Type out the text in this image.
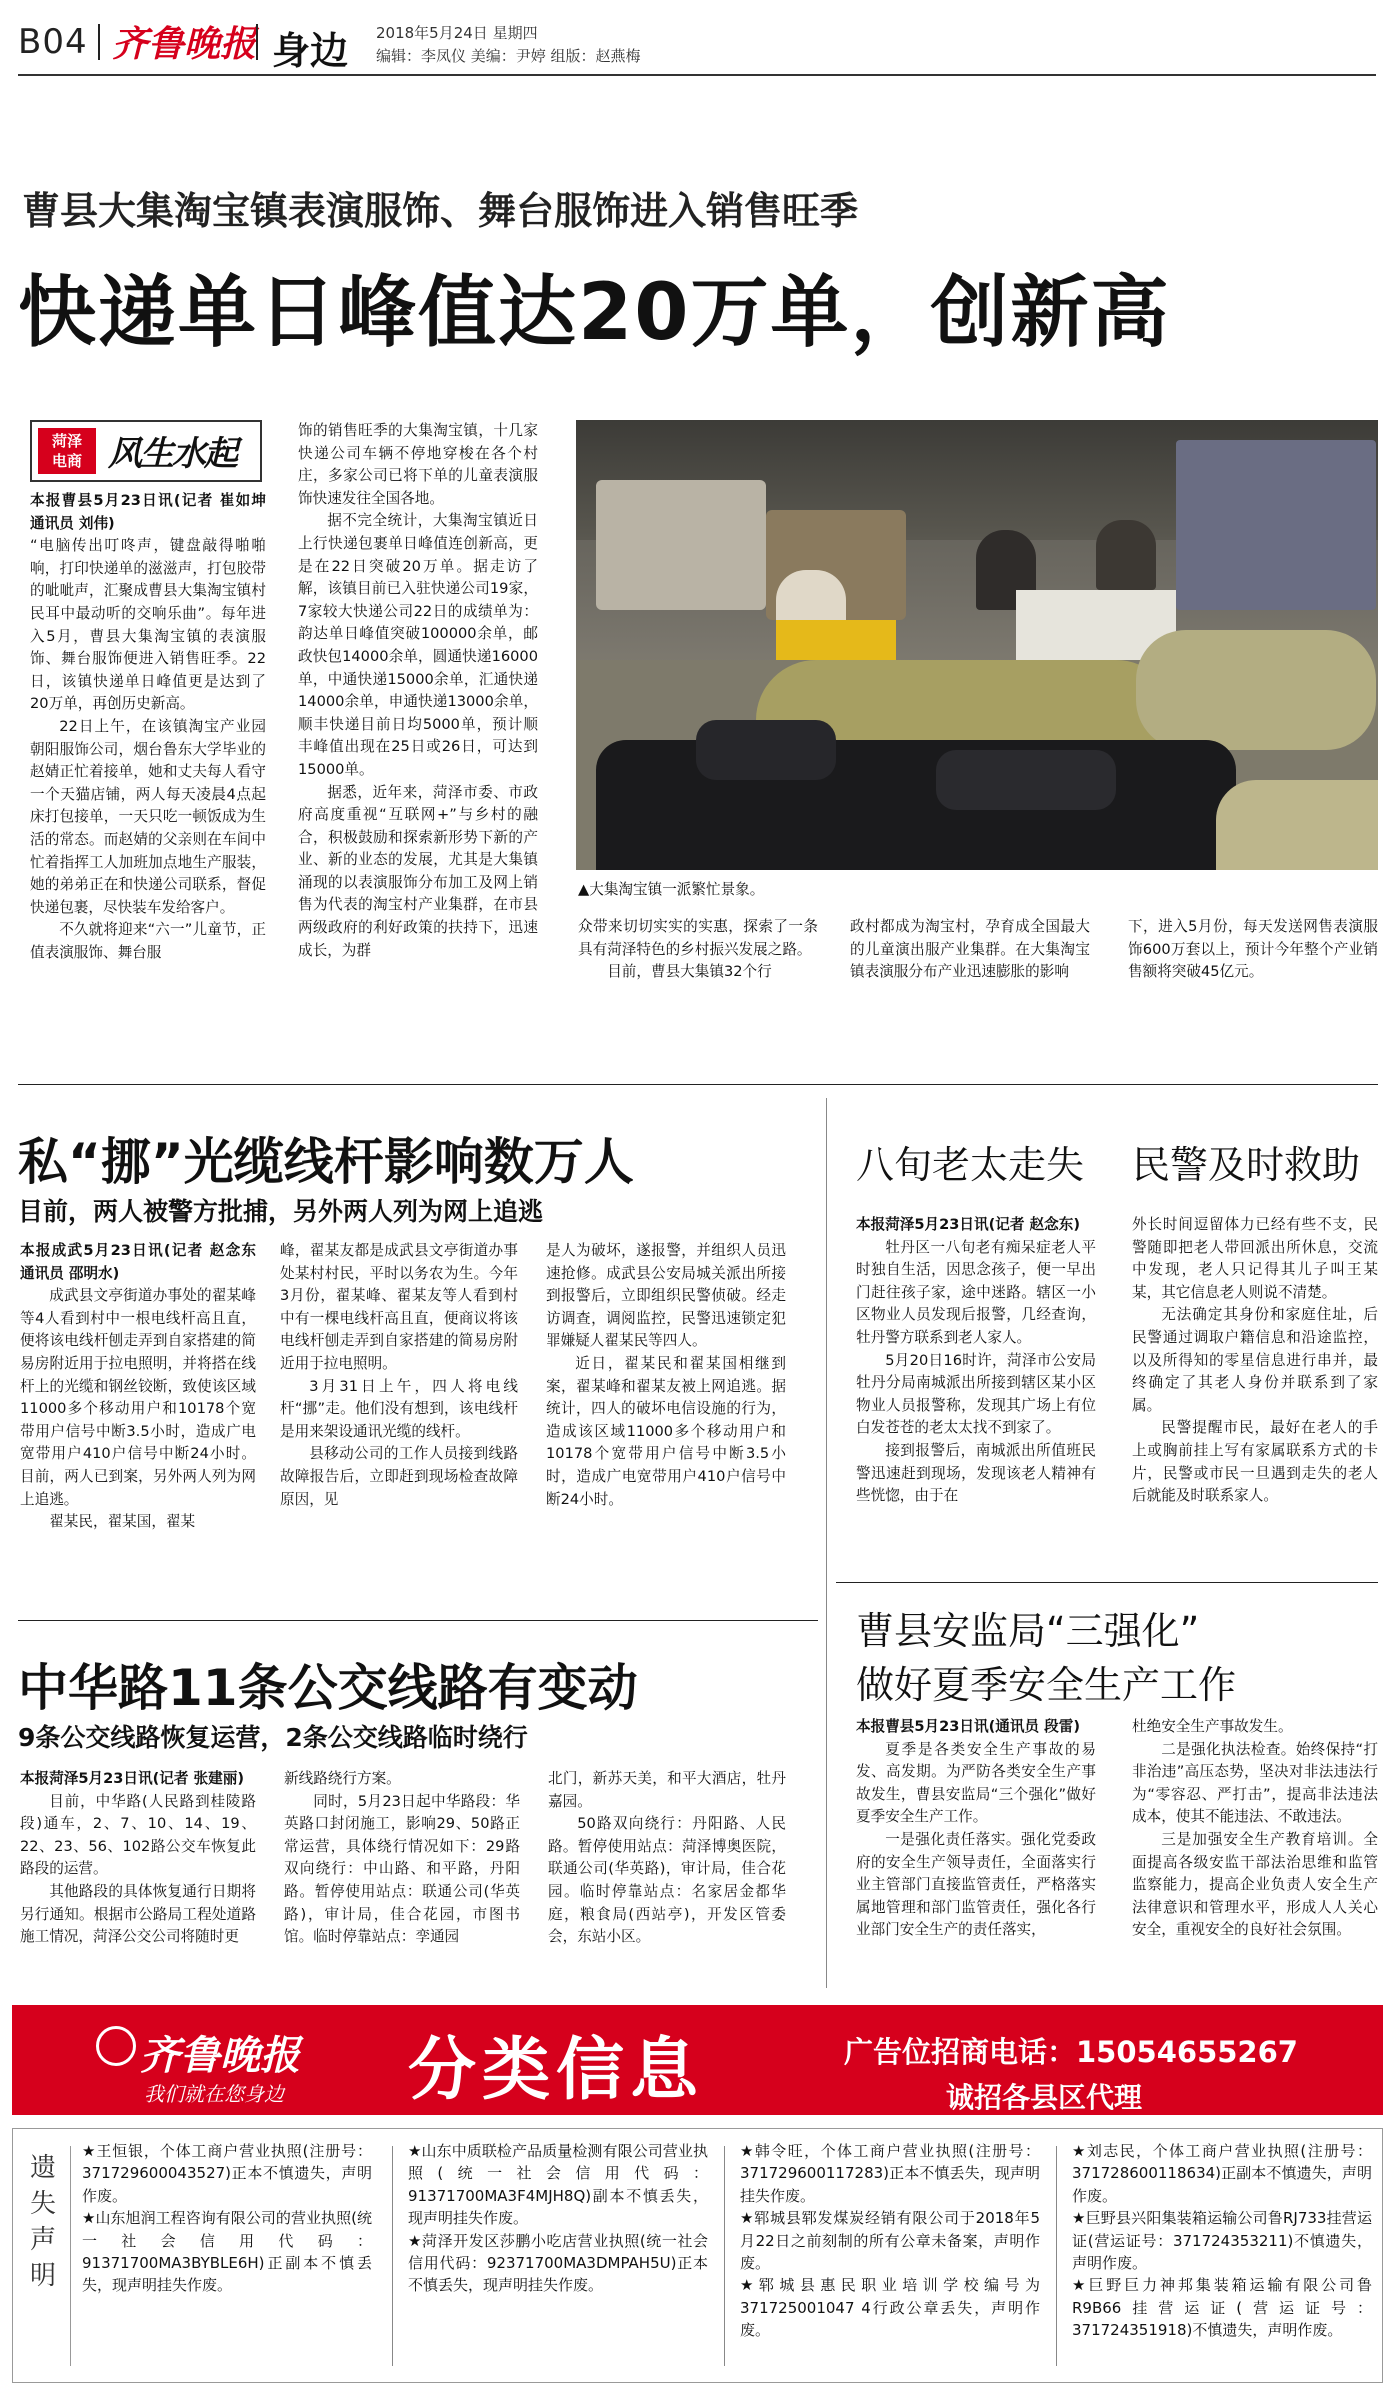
B04 齐鲁晚报 身边 2018年5月24日 星期四
编辑：李凤仪 美编：尹婷 组版：赵燕梅
曹县大集淘宝镇表演服饰、舞台服饰进入销售旺季
快递单日峰值达20万单，创新高
菏泽
电商 风生水起

本报曹县5月23日讯(记者 崔如坤 通讯员 刘伟)

“电脑传出叮咚声，键盘敲得啪啪响，打印快递单的滋滋声，打包胶带的呲呲声，汇聚成曹县大集淘宝镇村民耳中最动听的交响乐曲”。每年进入5月，曹县大集淘宝镇的表演服饰、舞台服饰便进入销售旺季。22日，该镇快递单日峰值更是达到了20万单，再创历史新高。

22日上午，在该镇淘宝产业园朝阳服饰公司，烟台鲁东大学毕业的赵婧正忙着接单，她和丈夫每人看守一个天猫店铺，两人每天凌晨4点起床打包接单，一天只吃一顿饭成为生活的常态。而赵婧的父亲则在车间中忙着指挥工人加班加点地生产服装，她的弟弟正在和快递公司联系，督促快递包裹，尽快装车发给客户。

不久就将迎来“六一”儿童节，正值表演服饰、舞台服

饰的销售旺季的大集淘宝镇，十几家快递公司车辆不停地穿梭在各个村庄，多家公司已将下单的儿童表演服饰快速发往全国各地。

据不完全统计，大集淘宝镇近日上行快递包裹单日峰值连创新高，更是在22日突破20万单。据走访了解，该镇目前已入驻快递公司19家，7家较大快递公司22日的成绩单为：韵达单日峰值突破100000余单，邮政快包14000余单，圆通快递16000单，中通快递15000余单，汇通快递14000余单，申通快递13000余单，顺丰快递目前日均5000单，预计顺丰峰值出现在25日或26日，可达到15000单。

据悉，近年来，菏泽市委、市政府高度重视“互联网+”与乡村的融合，积极鼓励和探索新形势下新的产业、新的业态的发展，尤其是大集镇涌现的以表演服饰分布加工及网上销售为代表的淘宝村产业集群，在市县两级政府的利好政策的扶持下，迅速成长，为群

▲大集淘宝镇一派繁忙景象。

众带来切切实实的实惠，探索了一条具有菏泽特色的乡村振兴发展之路。

目前，曹县大集镇32个行

政村都成为淘宝村，孕育成全国最大的儿童演出服产业集群。在大集淘宝镇表演服分布产业迅速膨胀的影响

下，进入5月份，每天发送网售表演服饰600万套以上，预计今年整个产业销售额将突破45亿元。

私“挪”光缆线杆影响数万人
目前，两人被警方批捕，另外两人列为网上追逃

本报成武5月23日讯(记者 赵念东 通讯员 邵明水)

成武县文亭街道办事处的翟某峰等4人看到村中一根电线杆高且直，便将该电线杆刨走弄到自家搭建的简易房附近用于拉电照明，并将搭在线杆上的光缆和钢丝铰断，致使该区域11000多个移动用户和10178个宽带用户信号中断3.5小时，造成广电宽带用户410户信号中断24小时。目前，两人已到案，另外两人列为网上追逃。

翟某民，翟某国，翟某

峰，翟某友都是成武县文亭街道办事处某村村民，平时以务农为生。今年3月份，翟某峰、翟某友等人看到村中有一棵电线杆高且直，便商议将该电线杆刨走弄到自家搭建的简易房附近用于拉电照明。

3月31日上午，四人将电线杆“挪”走。他们没有想到，该电线杆是用来架设通讯光缆的线杆。

县移动公司的工作人员接到线路故障报告后，立即赶到现场检查故障原因，见

是人为破坏，遂报警，并组织人员迅速抢修。成武县公安局城关派出所接到报警后，立即组织民警侦破。经走访调查，调阅监控，民警迅速锁定犯罪嫌疑人翟某民等四人。

近日，翟某民和翟某国相继到案，翟某峰和翟某友被上网追逃。据统计，四人的破坏电信设施的行为，造成该区域11000多个移动用户和10178个宽带用户信号中断3.5小时，造成广电宽带用户410户信号中断24小时。

八旬老太走失 民警及时救助

本报菏泽5月23日讯(记者 赵念东)

牡丹区一八旬老有痴呆症老人平时独自生活，因思念孩子，便一早出门赶往孩子家，途中迷路。辖区一小区物业人员发现后报警，几经查询，牡丹警方联系到老人家人。

5月20日16时许，菏泽市公安局牡丹分局南城派出所接到辖区某小区物业人员报警称，发现其广场上有位白发苍苍的老太太找不到家了。

接到报警后，南城派出所值班民警迅速赶到现场，发现该老人精神有些恍惚，由于在

外长时间逗留体力已经有些不支，民警随即把老人带回派出所休息，交流中发现，老人只记得其儿子叫王某某，其它信息老人则说不清楚。

无法确定其身份和家庭住址，后民警通过调取户籍信息和沿途监控，以及所得知的零星信息进行串并，最终确定了其老人身份并联系到了家属。

民警提醒市民，最好在老人的手上或胸前挂上写有家属联系方式的卡片，民警或市民一旦遇到走失的老人后就能及时联系家人。

中华路11条公交线路有变动
9条公交线路恢复运营，2条公交线路临时绕行

本报菏泽5月23日讯(记者 张建丽)

目前，中华路(人民路到桂陵路段)通车，2、7、10、14、19、22、23、56、102路公交车恢复此路段的运营。

其他路段的具体恢复通行日期将另行通知。根据市公路局工程处道路施工情况，菏泽公交公司将随时更

新线路绕行方案。

同时，5月23日起中华路段：华英路口封闭施工，影响29、50路正常运营，具体绕行情况如下：29路双向绕行：中山路、和平路，丹阳路。暂停使用站点：联通公司(华英路)，审计局，佳合花园，市图书馆。临时停靠站点：孪通园

北门，新苏天美，和平大酒店，牡丹嘉园。

50路双向绕行：丹阳路、人民路。暂停使用站点：菏泽博奥医院，联通公司(华英路)，审计局，佳合花园。临时停靠站点：名家居金都华庭，粮食局(西站亭)，开发区管委会，东站小区。

曹县安监局“三强化”
做好夏季安全生产工作

本报曹县5月23日讯(通讯员 段雷)

夏季是各类安全生产事故的易发、高发期。为严防各类安全生产事故发生，曹县安监局“三个强化”做好夏季安全生产工作。

一是强化责任落实。强化党委政府的安全生产领导责任，全面落实行业主管部门直接监管责任，严格落实属地管理和部门监管责任，强化各行业部门安全生产的责任落实，

杜绝安全生产事故发生。

二是强化执法检查。始终保持“打非治违”高压态势，坚决对非法违法行为“零容忍、严打击”，提高非法违法成本，使其不能违法、不敢违法。

三是加强安全生产教育培训。全面提高各级安监干部法治思维和监管监察能力，提高企业负责人安全生产法律意识和管理水平，形成人人关心安全，重视安全的良好社会氛围。

齐鲁晚报
我们就在您身边 分类信息	广告位招商电话：15054655267
诚招各县区代理
遗失声明

★王恒银，个体工商户营业执照(注册号：371729600043527)正本不慎遗失，声明作废。

★山东旭润工程咨询有限公司的营业执照(统一社会信用代码：91371700MA3BYBLE6H)正副本不慎丢失，现声明挂失作废。

★山东中质联检产品质量检测有限公司营业执照(统一社会信用代码：91371700MA3F4MJH8Q)副本不慎丢失，现声明挂失作废。

★菏泽开发区莎鹏小吃店营业执照(统一社会信用代码：92371700MA3DMPAH5U)正本不慎丢失，现声明挂失作废。

★韩令旺，个体工商户营业执照(注册号：371729600117283)正本不慎丢失，现声明挂失作废。

★郓城县郓发煤炭经销有限公司于2018年5月22日之前刻制的所有公章未备案，声明作废。

★郓城县惠民职业培训学校编号为371725001047 4行政公章丢失，声明作废。

★刘志民，个体工商户营业执照(注册号：371728600118634)正副本不慎遗失，声明作废。

★巨野县兴阳集装箱运输公司鲁RJ733挂营运证(营运证号：371724353211)不慎遗失，声明作废。

★巨野巨力神邦集装箱运输有限公司鲁R9B66挂营运证(营运证号：371724351918)不慎遗失，声明作废。
